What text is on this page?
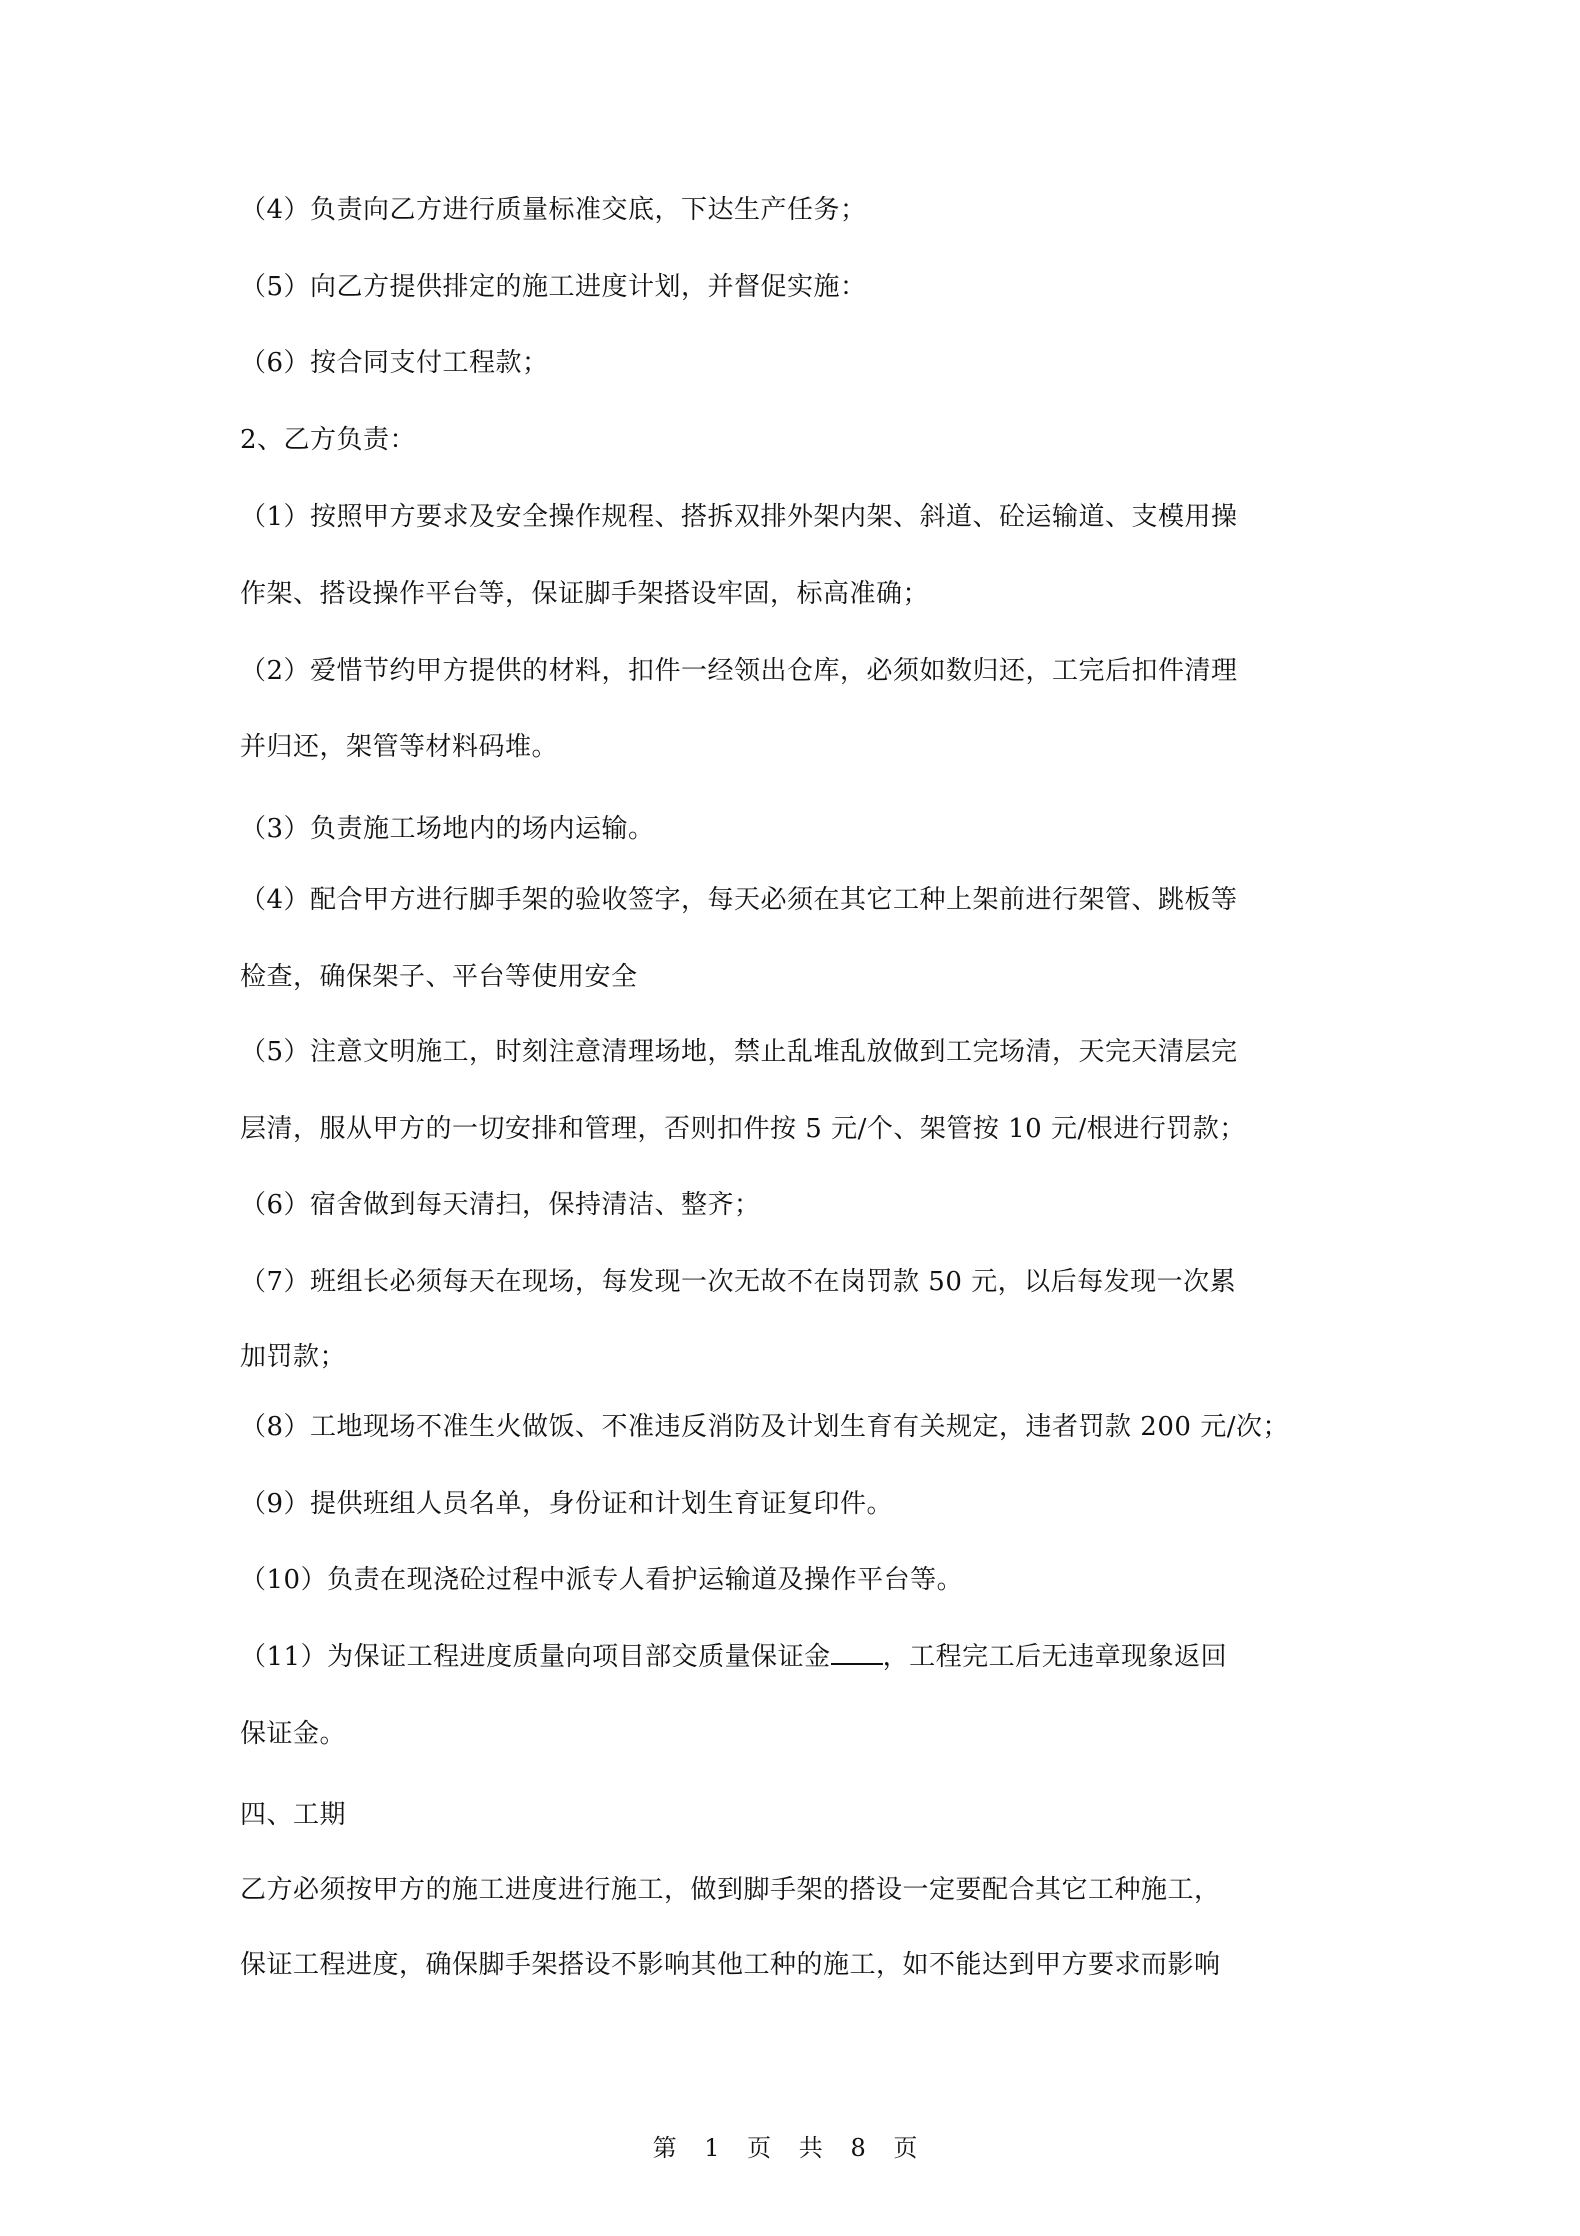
（4）负责向乙方进行质量标准交底，下达生产任务；
（5）向乙方提供排定的施工进度计划，并督促实施：
（6）按合同支付工程款；
2、乙方负责：
（1）按照甲方要求及安全操作规程、搭拆双排外架内架、斜道、砼运输道、支模用操
作架、搭设操作平台等，保证脚手架搭设牢固，标高准确；
（2）爱惜节约甲方提供的材料，扣件一经领出仓库，必须如数归还，工完后扣件清理
并归还，架管等材料码堆。
（3）负责施工场地内的场内运输。
（4）配合甲方进行脚手架的验收签字，每天必须在其它工种上架前进行架管、跳板等
检查，确保架子、平台等使用安全
（5）注意文明施工，时刻注意清理场地，禁止乱堆乱放做到工完场清，天完天清层完
层清，服从甲方的一切安排和管理，否则扣件按 5 元/个、架管按 10 元/根进行罚款；
（6）宿舍做到每天清扫，保持清洁、整齐；
（7）班组长必须每天在现场，每发现一次无故不在岗罚款 50 元，以后每发现一次累
加罚款；
（8）工地现场不准生火做饭、不准违反消防及计划生育有关规定，违者罚款 200 元/次；
（9）提供班组人员名单，身份证和计划生育证复印件。
（10）负责在现浇砼过程中派专人看护运输道及操作平台等。
（11）为保证工程进度质量向项目部交质量保证金 ，工程完工后无违章现象返回
保证金。
四、工期
乙方必须按甲方的施工进度进行施工，做到脚手架的搭设一定要配合其它工种施工，
保证工程进度，确保脚手架搭设不影响其他工种的施工，如不能达到甲方要求而影响
第 1 页 共 8 页
